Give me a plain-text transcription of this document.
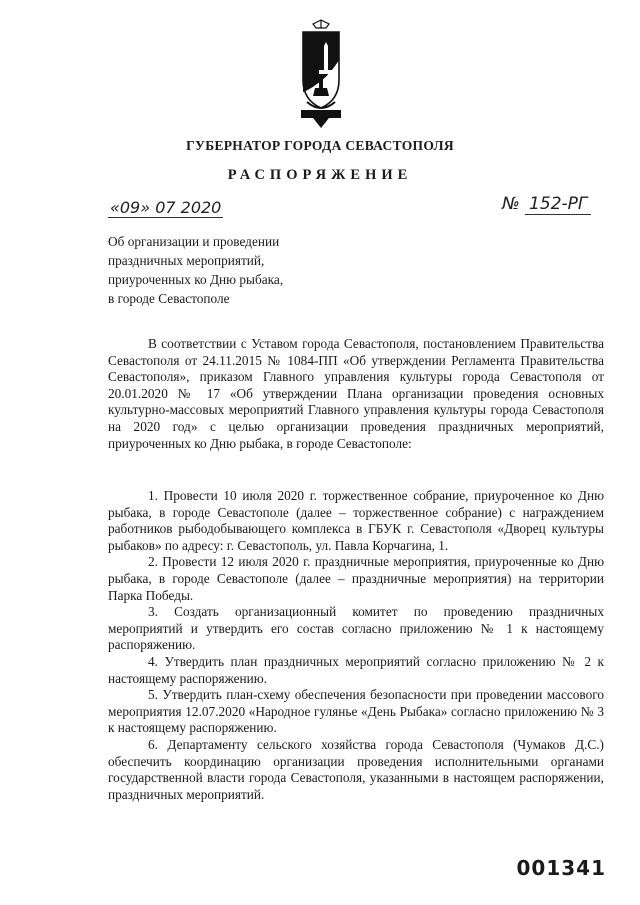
ГУБЕРНАТОР ГОРОДА СЕВАСТОПОЛЯ
РАСПОРЯЖЕНИЕ
«09» 07 2020	№ 152-РГ
Об организации и проведении
праздничных мероприятий,
приуроченных ко Дню рыбака,
в городе Севастополе

В соответствии с Уставом города Севастополя, постановлением Правительства Севастополя от 24.11.2015 № 1084-ПП «Об утверждении Регламента Правительства Севастополя», приказом Главного управления культуры города Севастополя от 20.01.2020 № 17 «Об утверждении Плана организации проведения основных культурно-массовых мероприятий Главного управления культуры города Севастополя на 2020 год» с целью организации проведения праздничных мероприятий, приуроченных ко Дню рыбака, в городе Севастополе:

1. Провести 10 июля 2020 г. торжественное собрание, приуроченное ко Дню рыбака, в городе Севастополе (далее – торжественное собрание) с награждением работников рыбодобывающего комплекса в ГБУК г. Севастополя «Дворец культуры рыбаков» по адресу: г. Севастополь, ул. Павла Корчагина, 1.

2. Провести 12 июля 2020 г. праздничные мероприятия, приуроченные ко Дню рыбака, в городе Севастополе (далее – праздничные мероприятия) на территории Парка Победы.

3. Создать организационный комитет по проведению праздничных мероприятий и утвердить его состав согласно приложению № 1 к настоящему распоряжению.

4. Утвердить план праздничных мероприятий согласно приложению № 2 к настоящему распоряжению.

5. Утвердить план-схему обеспечения безопасности при проведении массового мероприятия 12.07.2020 «Народное гулянье «День Рыбака» согласно приложению № 3 к настоящему распоряжению.

6. Департаменту сельского хозяйства города Севастополя (Чумаков Д.С.) обеспечить координацию организации проведения исполнительными органами государственной власти города Севастополя, указанными в настоящем распоряжении, праздничных мероприятий.

001341
